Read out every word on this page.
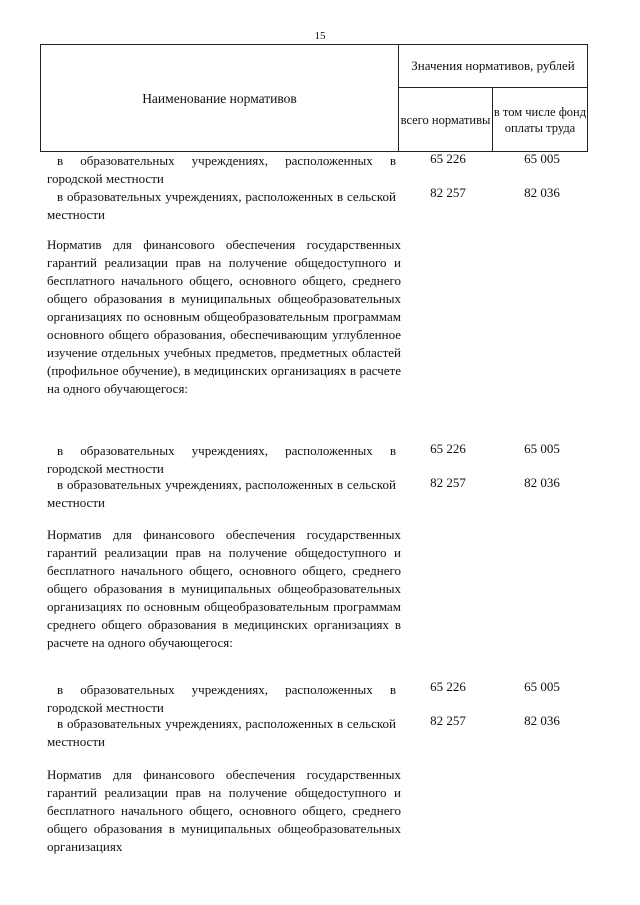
15
Наименование нормативов
Значения нормативов, рублей
всего нормативы
в том числе фонд оплаты труда
в образовательных учреждениях, расположенных в городской местности
65 226	65 005
в образовательных учреждениях, расположенных в сельской местности
82 257	82 036
Норматив для финансового обеспечения государственных гарантий реализации прав на получение общедоступного и бесплатного начального общего, основного общего, среднего общего образования в муниципальных общеобразовательных организациях по основным общеобразовательным программам основного общего образования, обеспечивающим углубленное изучение отдельных учебных предметов, предметных областей (профильное обучение), в медицинских организациях в расчете на одного обучающегося:
в образовательных учреждениях, расположенных в городской местности
65 226	65 005
в образовательных учреждениях, расположенных в сельской местности
82 257	82 036
Норматив для финансового обеспечения государственных гарантий реализации прав на получение общедоступного и бесплатного начального общего, основного общего, среднего общего образования в муниципальных общеобразовательных организациях по основным общеобразовательным программам среднего общего образования в медицинских организациях в расчете на одного обучающегося:
в образовательных учреждениях, расположенных в городской местности
65 226	65 005
в образовательных учреждениях, расположенных в сельской местности
82 257	82 036
Норматив для финансового обеспечения государственных гарантий реализации прав на получение общедоступного и бесплатного начального общего, основного общего, среднего общего образования в муниципальных общеобразовательных организациях
